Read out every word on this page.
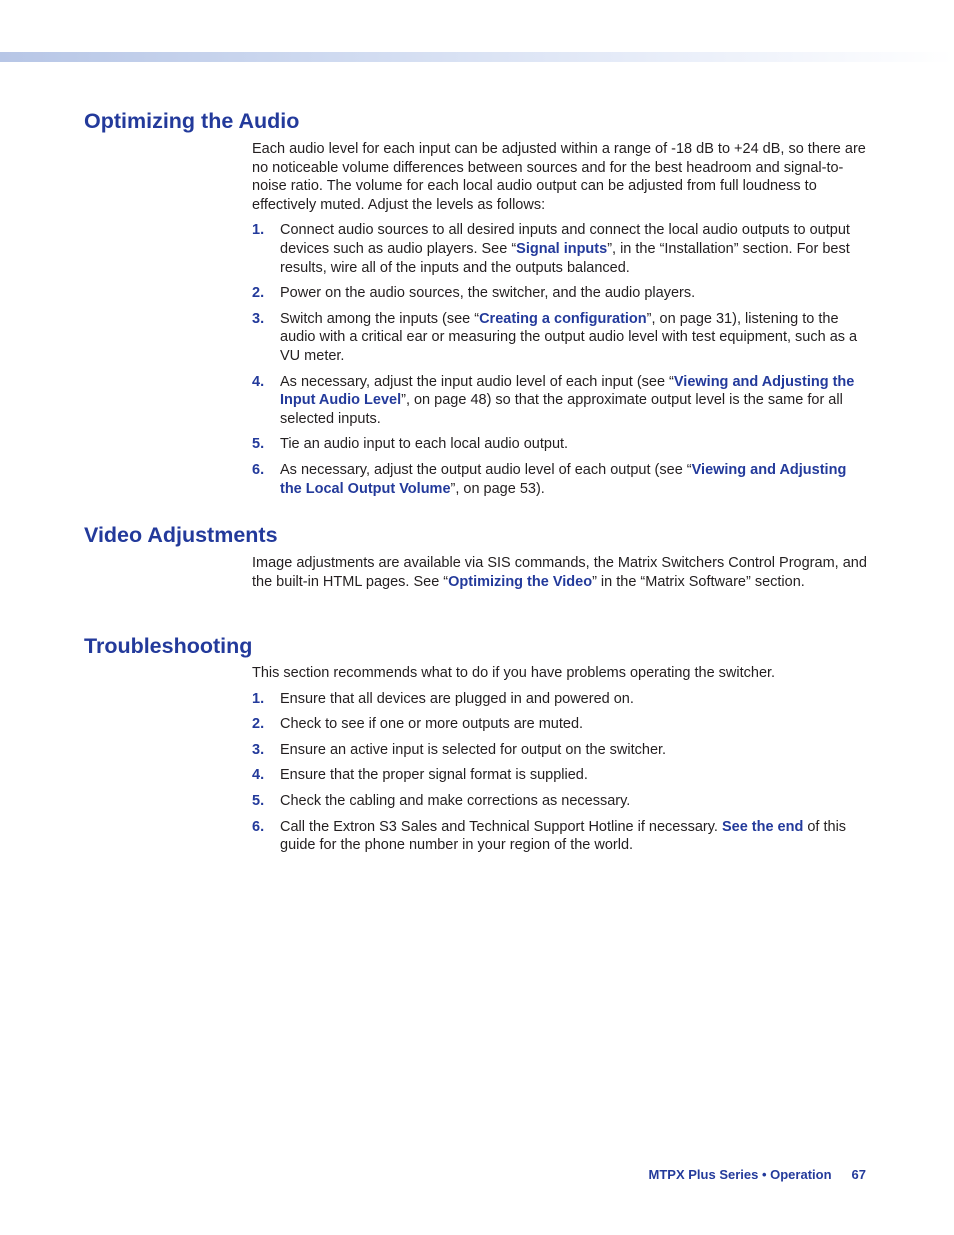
Optimizing the Audio

Each audio level for each input can be adjusted within a range of -18 dB to +24 dB, so there are no noticeable volume differences between sources and for the best headroom and signal-to-noise ratio. The volume for each local audio output can be adjusted from full loudness to effectively muted. Adjust the levels as follows:

1. Connect audio sources to all desired inputs and connect the local audio outputs to output devices such as audio players. See “Signal inputs”, in the “Installation” section. For best results, wire all of the inputs and the outputs balanced.
2. Power on the audio sources, the switcher, and the audio players.
3. Switch among the inputs (see “Creating a configuration”, on page 31), listening to the audio with a critical ear or measuring the output audio level with test equipment, such as a VU meter.
4. As necessary, adjust the input audio level of each input (see “Viewing and Adjusting the Input Audio Level”, on page 48) so that the approximate output level is the same for all selected inputs.
5. Tie an audio input to each local audio output.
6. As necessary, adjust the output audio level of each output (see “Viewing and Adjusting the Local Output Volume”, on page 53).
Video Adjustments

Image adjustments are available via SIS commands, the Matrix Switchers Control Program, and the built-in HTML pages. See “Optimizing the Video” in the “Matrix Software” section.

Troubleshooting

This section recommends what to do if you have problems operating the switcher.

1. Ensure that all devices are plugged in and powered on.
2. Check to see if one or more outputs are muted.
3. Ensure an active input is selected for output on the switcher.
4. Ensure that the proper signal format is supplied.
5. Check the cabling and make corrections as necessary.
6. Call the Extron S3 Sales and Technical Support Hotline if necessary. See the end of this guide for the phone number in your region of the world.
MTPX Plus Series • Operation 67
